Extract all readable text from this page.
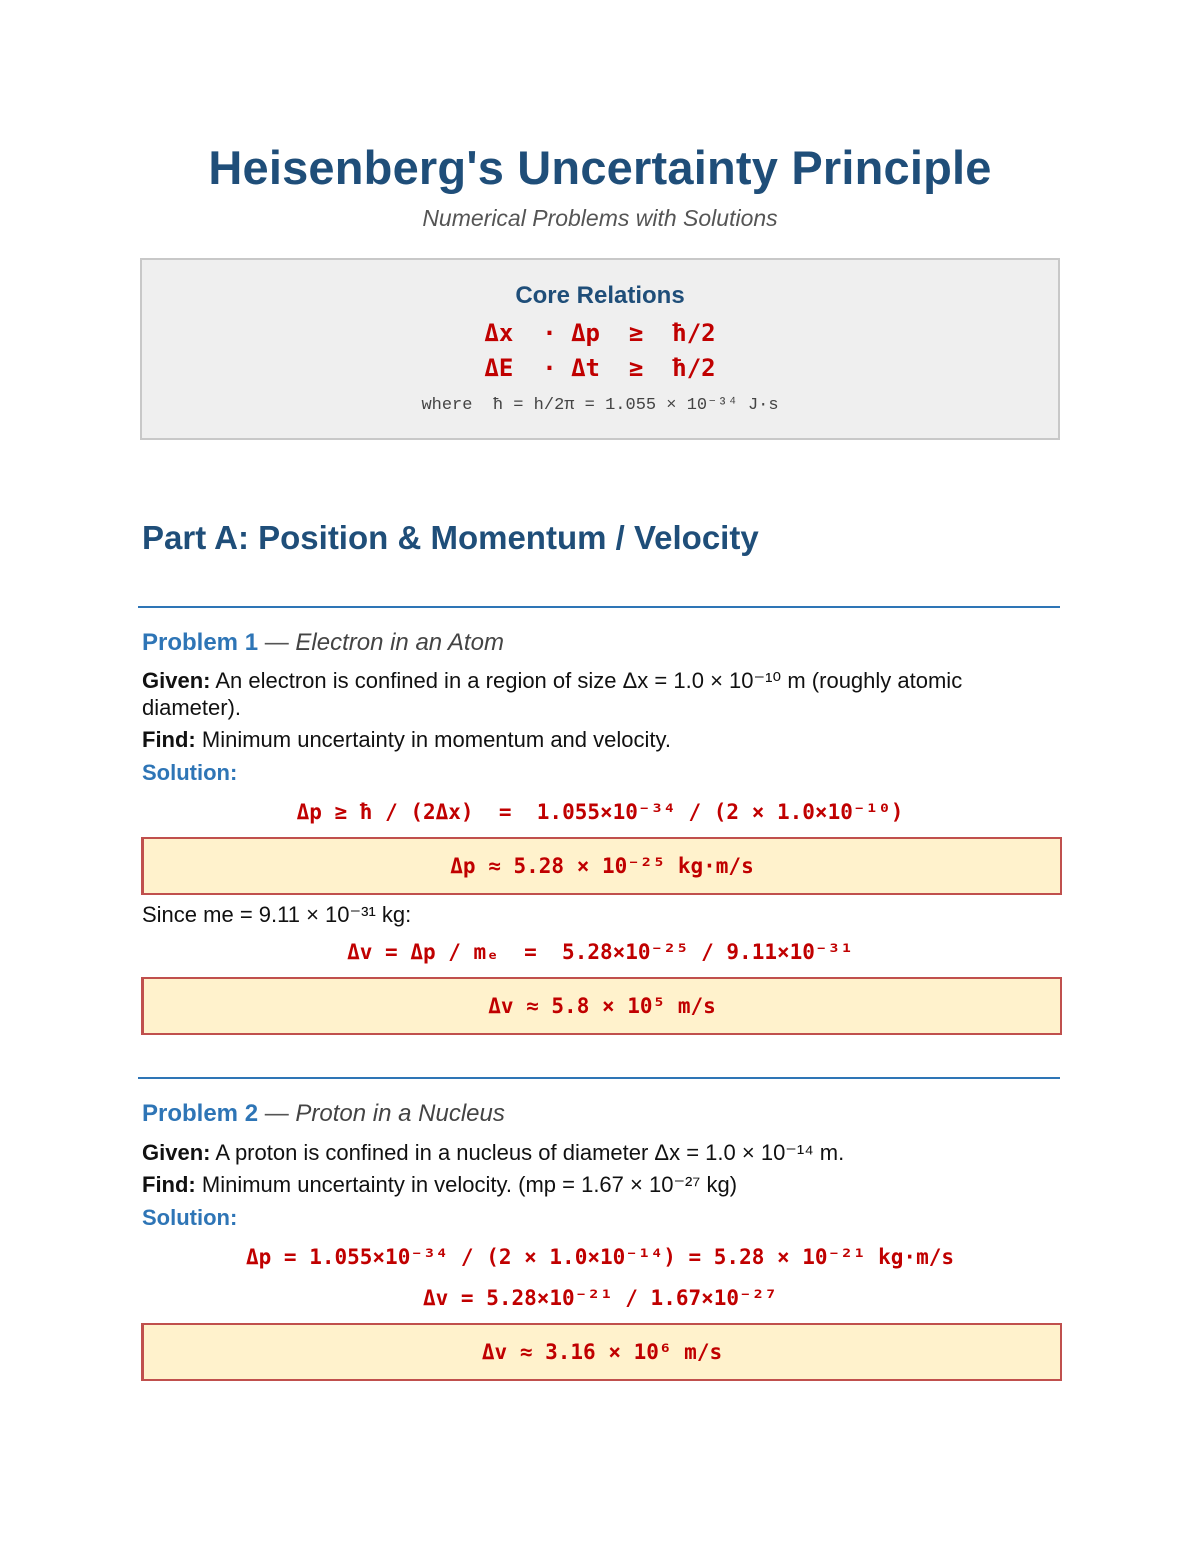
Heisenberg's Uncertainty Principle
Numerical Problems with Solutions
Core Relations
Δx  · Δp  ≥  ħ/2
ΔE  · Δt  ≥  ħ/2
where  ħ = h/2π = 1.055 × 10⁻³⁴ J·s
Part A: Position & Momentum / Velocity
Problem 1 — Electron in an Atom
Given: An electron is confined in a region of size Δx = 1.0 × 10⁻¹⁰ m (roughly atomic diameter).
Find: Minimum uncertainty in momentum and velocity.
Solution:
Δp ≥ ħ / (2Δx)  =  1.055×10⁻³⁴ / (2 × 1.0×10⁻¹⁰)
Δp ≈ 5.28 × 10⁻²⁵ kg·m/s
Since me = 9.11 × 10⁻³¹ kg:
Δv = Δp / mₑ  =  5.28×10⁻²⁵ / 9.11×10⁻³¹
Δv ≈ 5.8 × 10⁵ m/s
Problem 2 — Proton in a Nucleus
Given: A proton is confined in a nucleus of diameter Δx = 1.0 × 10⁻¹⁴ m.
Find: Minimum uncertainty in velocity. (mp = 1.67 × 10⁻²⁷ kg)
Solution:
Δp = 1.055×10⁻³⁴ / (2 × 1.0×10⁻¹⁴) = 5.28 × 10⁻²¹ kg·m/s
Δv = 5.28×10⁻²¹ / 1.67×10⁻²⁷
Δv ≈ 3.16 × 10⁶ m/s
